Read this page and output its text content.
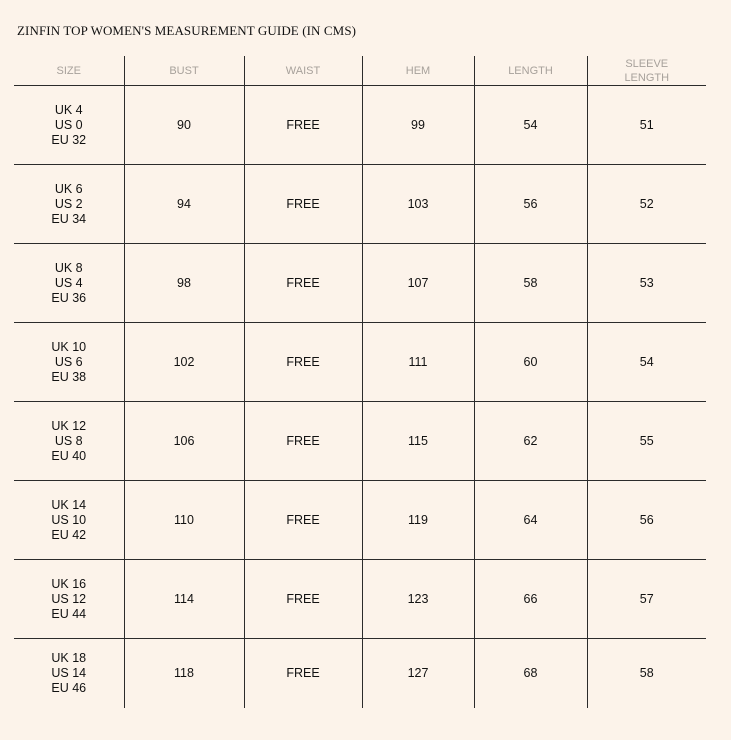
ZINFIN TOP WOMEN'S MEASUREMENT GUIDE (IN CMS)
SIZE	BUST	WAIST	HEM	LENGTH	SLEEVE
LENGTH

UK 4
US 0
EU 32	90	FREE	99	54	51

UK 6
US 2
EU 34	94	FREE	103	56	52

UK 8
US 4
EU 36	98	FREE	107	58	53

UK 10
US 6
EU 38	102	FREE	111	60	54

UK 12
US 8
EU 40	106	FREE	115	62	55

UK 14
US 10
EU 42	110	FREE	119	64	56

UK 16
US 12
EU 44	114	FREE	123	66	57

UK 18
US 14
EU 46	118	FREE	127	68	58
